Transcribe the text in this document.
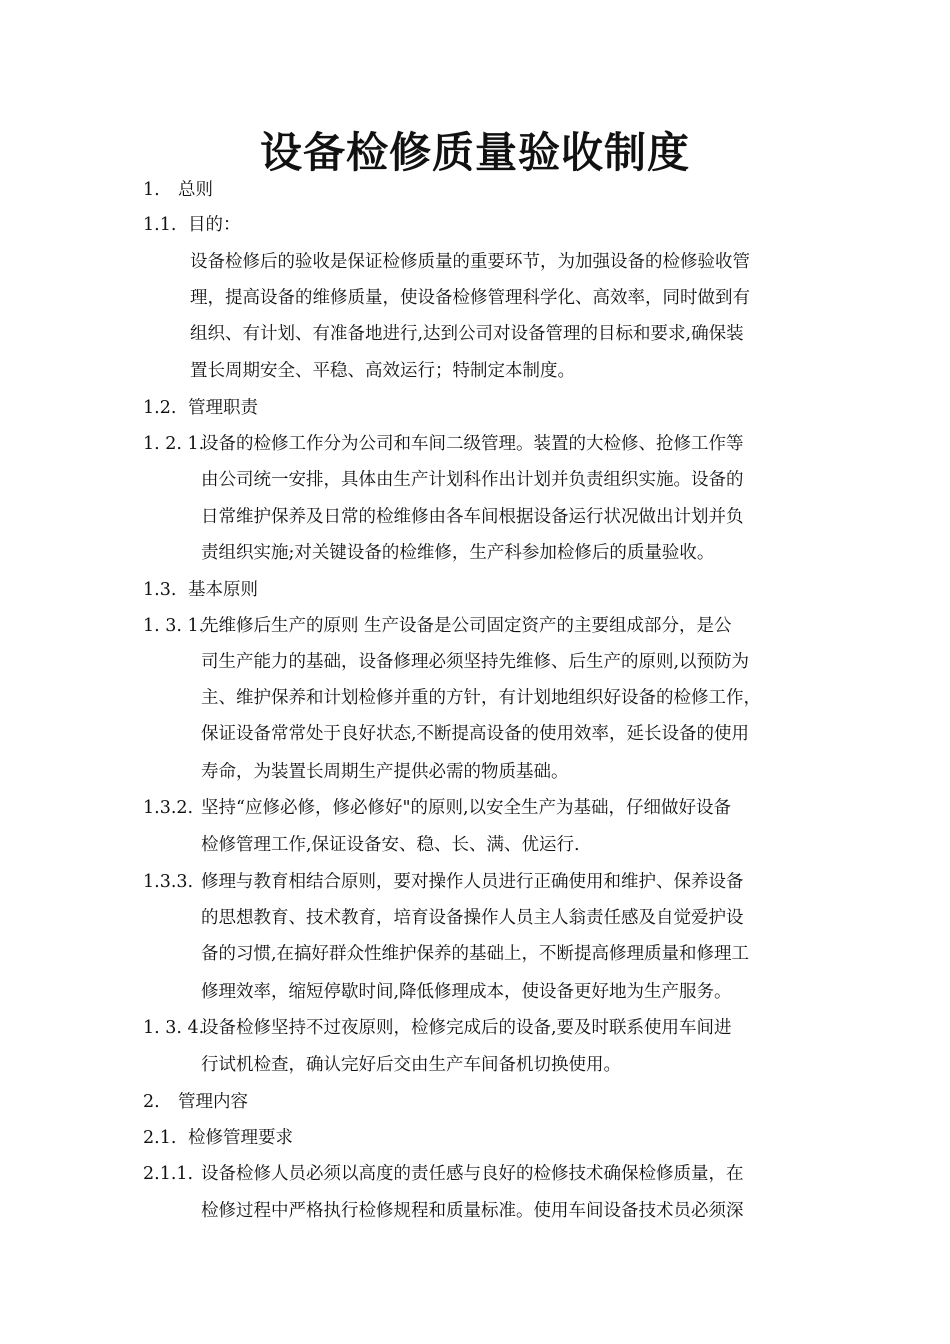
设备检修质量验收制度
1. 总则
1.1. 目的：
设备检修后的验收是保证检修质量的重要环节，为加强设备的检修验收管
理，提高设备的维修质量，使设备检修管理科学化、高效率，同时做到有
组织、有计划、有准备地进行,达到公司对设备管理的目标和要求,确保装
置长周期安全、平稳、高效运行；特制定本制度。
1.2. 管理职责
1. 2. 1.设备的检修工作分为公司和车间二级管理。装置的大检修、抢修工作等
由公司统一安排，具体由生产计划科作出计划并负责组织实施。设备的
日常维护保养及日常的检维修由各车间根据设备运行状况做出计划并负
责组织实施;对关键设备的检维修，生产科参加检修后的质量验收。
1.3. 基本原则
1. 3. 1.先维修后生产的原则 生产设备是公司固定资产的主要组成部分，是公
司生产能力的基础，设备修理必须坚持先维修、后生产的原则,以预防为
主、维护保养和计划检修并重的方针，有计划地组织好设备的检修工作，
保证设备常常处于良好状态,不断提高设备的使用效率，延长设备的使用
寿命，为装置长周期生产提供必需的物质基础。
1.3.2. 坚持“应修必修，修必修好"的原则,以安全生产为基础，仔细做好设备
检修管理工作,保证设备安、稳、长、满、优运行.
1.3.3. 修理与教育相结合原则，要对操作人员进行正确使用和维护、保养设备
的思想教育、技术教育，培育设备操作人员主人翁责任感及自觉爱护设
备的习惯,在搞好群众性维护保养的基础上，不断提高修理质量和修理工
修理效率，缩短停歇时间,降低修理成本，使设备更好地为生产服务。
1. 3. 4.设备检修坚持不过夜原则，检修完成后的设备,要及时联系使用车间进
行试机检查，确认完好后交由生产车间备机切换使用。
2. 管理内容
2.1. 检修管理要求
2.1.1. 设备检修人员必须以高度的责任感与良好的检修技术确保检修质量，在
检修过程中严格执行检修规程和质量标准。使用车间设备技术员必须深
